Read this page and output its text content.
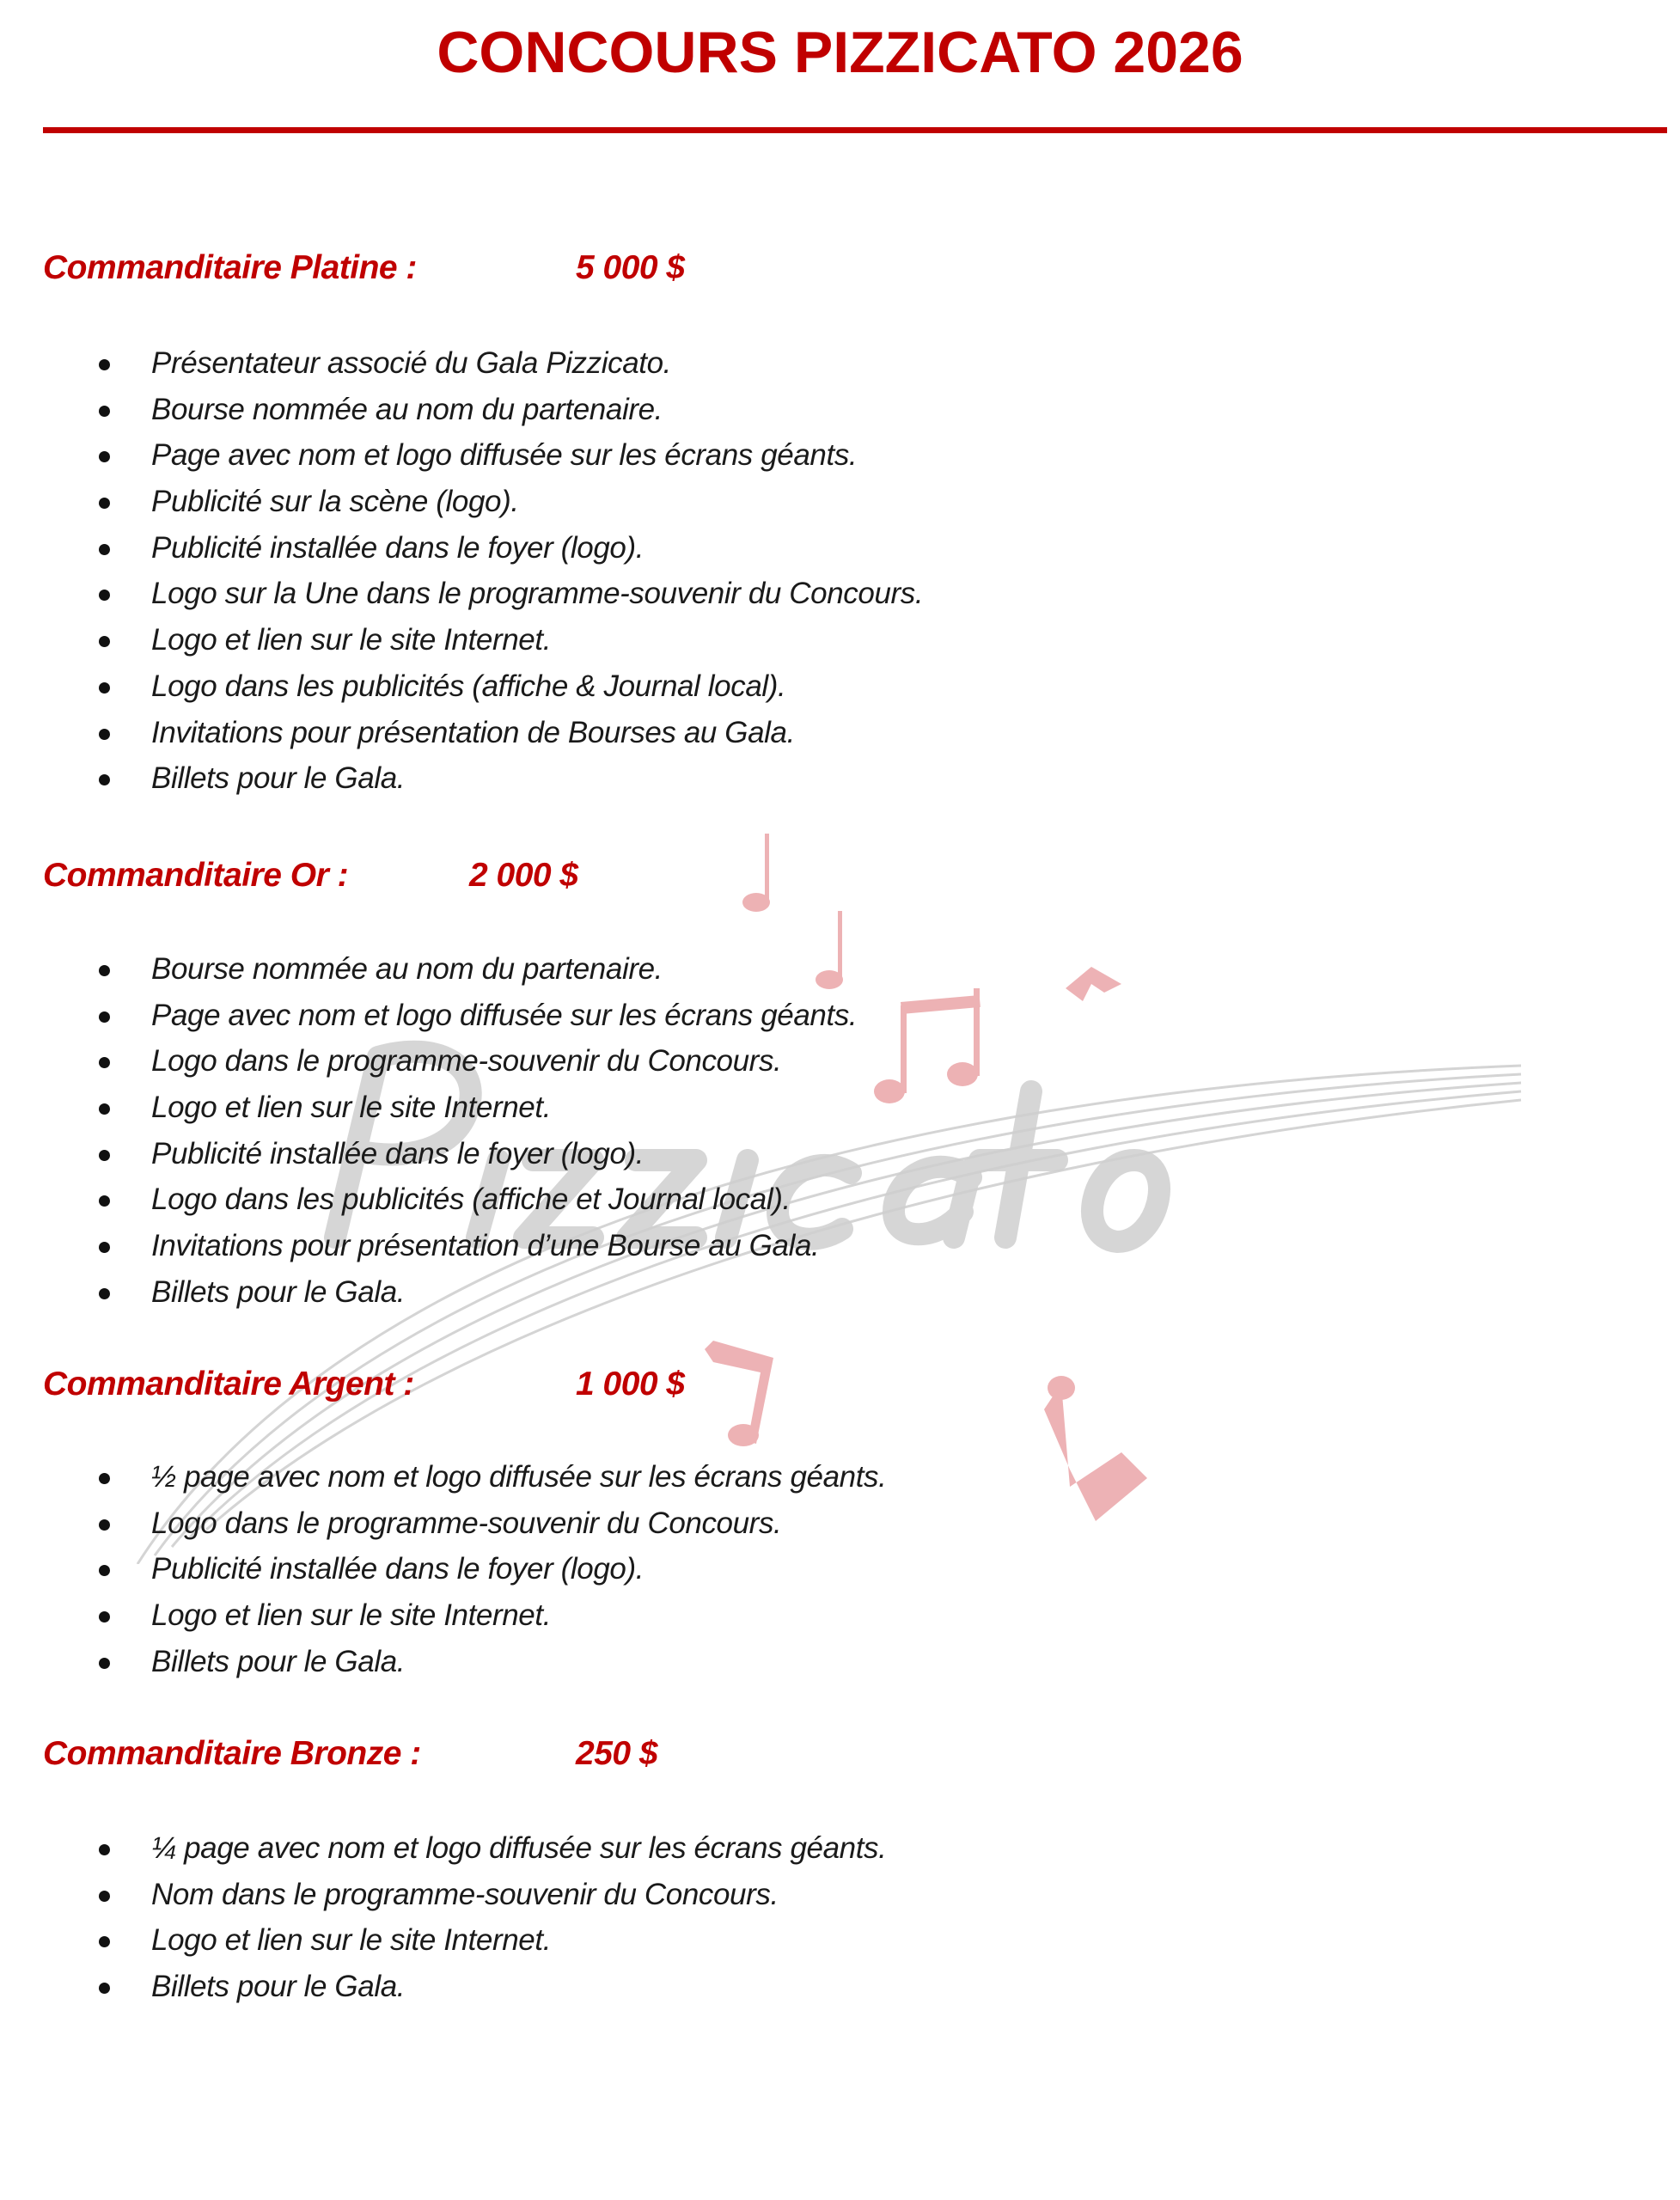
CONCOURS PIZZICATO 2026
Commanditaire Platine :	5 000 $
Présentateur associé du Gala Pizzicato.
Bourse nommée au nom du partenaire.
Page avec nom et logo diffusée sur les écrans géants.
Publicité sur la scène (logo).
Publicité installée dans le foyer (logo).
Logo sur la Une dans le programme-souvenir du Concours.
Logo et lien sur le site Internet.
Logo dans les publicités (affiche & Journal local).
Invitations pour présentation de Bourses au Gala.
Billets pour le Gala.
Commanditaire Or :	2 000 $
Bourse nommée au nom du partenaire.
Page avec nom et logo diffusée sur les écrans géants.
Logo dans le programme-souvenir du Concours.
Logo et lien sur le site Internet.
Publicité installée dans le foyer (logo).
Logo dans les publicités (affiche et Journal local).
Invitations pour présentation d’une Bourse au Gala.
Billets pour le Gala.
Commanditaire Argent :	1 000 $
½ page avec nom et logo diffusée sur les écrans géants.
Logo dans le programme-souvenir du Concours.
Publicité installée dans le foyer (logo).
Logo et lien sur le site Internet.
Billets pour le Gala.
Commanditaire Bronze :	250 $
¼ page avec nom et logo diffusée sur les écrans géants.
Nom dans le programme-souvenir du Concours.
Logo et lien sur le site Internet.
Billets pour le Gala.
